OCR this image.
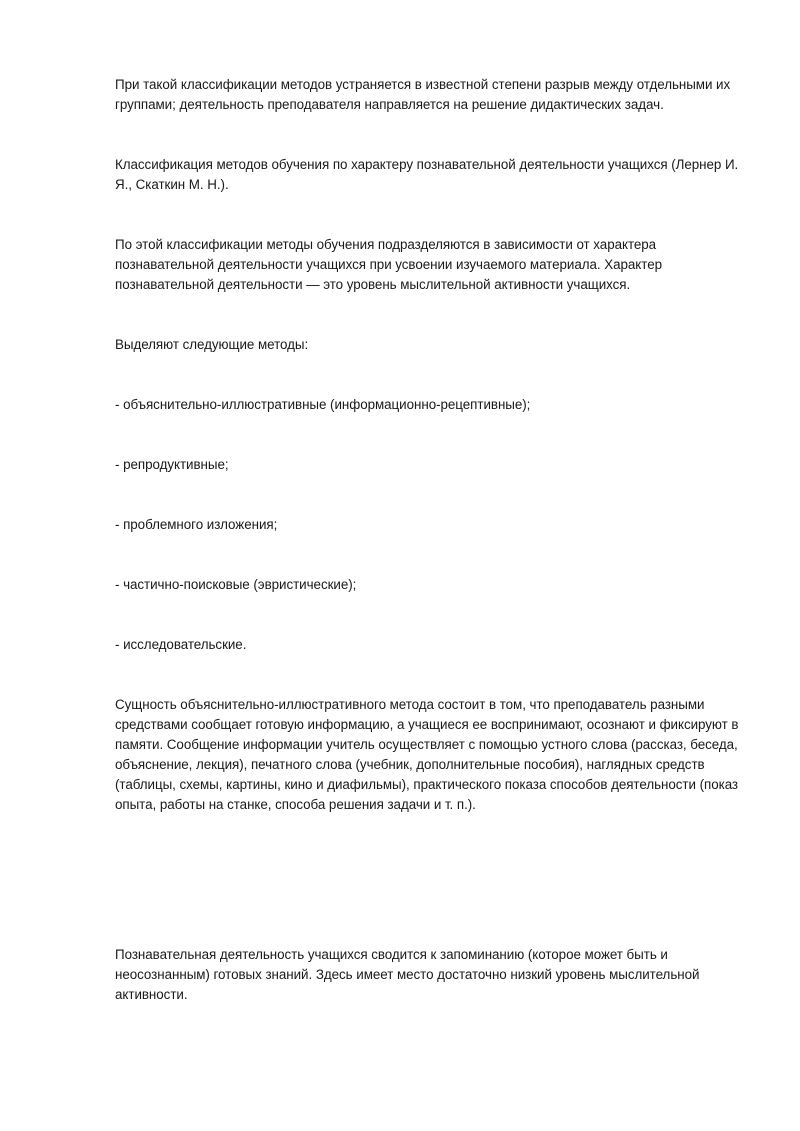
При такой классификации методов устраняется в известной степени разрыв между отдельными их группами; деятельность преподавателя направляется на решение дидактических задач.

Классификация методов обучения по характеру познавательной деятельности учащихся (Лернер И. Я., Скаткин М. Н.).

По этой классификации методы обучения подразделяются в зависимости от характера познавательной деятельности учащихся при усвоении изучаемого материала. Характер познавательной деятельности — это уровень мыслительной активности учащихся.

Выделяют следующие методы:

- объяснительно-иллюстративные (информационно-рецептивные);

- репродуктивные;

- проблемного изложения;

- частично-поисковые (эвристические);

- исследовательские.

Сущность объяснительно-иллюстративного метода состоит в том, что преподаватель разными средствами сообщает готовую информацию, а учащиеся ее воспринимают, осознают и фиксируют в памяти. Сообщение информации учитель осуществляет с помощью устного слова (рассказ, беседа, объяснение, лекция), печатного слова (учебник, дополнительные пособия), наглядных средств (таблицы, схемы, картины, кино и диафильмы), практического показа способов деятельности (показ опыта, работы на станке, способа решения задачи и т. п.).

Познавательная деятельность учащихся сводится к запоминанию (которое может быть и неосознанным) готовых знаний. Здесь имеет место достаточно низкий уровень мыслительной активности.
